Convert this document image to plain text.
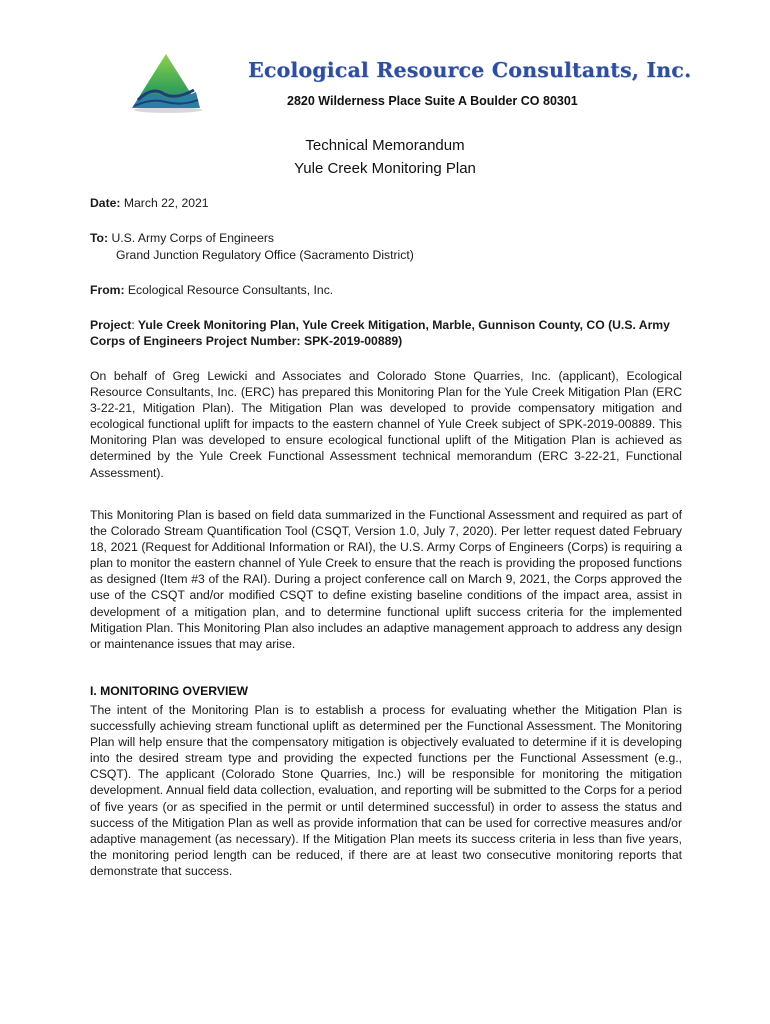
Ecological Resource Consultants, Inc.
2820 Wilderness Place Suite A Boulder CO 80301
Technical Memorandum
Yule Creek Monitoring Plan
Date: March 22, 2021
To: U.S. Army Corps of Engineers
Grand Junction Regulatory Office (Sacramento District)
From: Ecological Resource Consultants, Inc.
Project: Yule Creek Monitoring Plan, Yule Creek Mitigation, Marble, Gunnison County, CO (U.S. Army Corps of Engineers Project Number: SPK-2019-00889)
On behalf of Greg Lewicki and Associates and Colorado Stone Quarries, Inc. (applicant), Ecological Resource Consultants, Inc. (ERC) has prepared this Monitoring Plan for the Yule Creek Mitigation Plan (ERC 3-22-21, Mitigation Plan). The Mitigation Plan was developed to provide compensatory mitigation and ecological functional uplift for impacts to the eastern channel of Yule Creek subject of SPK-2019-00889. This Monitoring Plan was developed to ensure ecological functional uplift of the Mitigation Plan is achieved as determined by the Yule Creek Functional Assessment technical memorandum (ERC 3-22-21, Functional Assessment).
This Monitoring Plan is based on field data summarized in the Functional Assessment and required as part of the Colorado Stream Quantification Tool (CSQT, Version 1.0, July 7, 2020). Per letter request dated February 18, 2021 (Request for Additional Information or RAI), the U.S. Army Corps of Engineers (Corps) is requiring a plan to monitor the eastern channel of Yule Creek to ensure that the reach is providing the proposed functions as designed (Item #3 of the RAI). During a project conference call on March 9, 2021, the Corps approved the use of the CSQT and/or modified CSQT to define existing baseline conditions of the impact area, assist in development of a mitigation plan, and to determine functional uplift success criteria for the implemented Mitigation Plan. This Monitoring Plan also includes an adaptive management approach to address any design or maintenance issues that may arise.
I. MONITORING OVERVIEW
The intent of the Monitoring Plan is to establish a process for evaluating whether the Mitigation Plan is successfully achieving stream functional uplift as determined per the Functional Assessment. The Monitoring Plan will help ensure that the compensatory mitigation is objectively evaluated to determine if it is developing into the desired stream type and providing the expected functions per the Functional Assessment (e.g., CSQT). The applicant (Colorado Stone Quarries, Inc.) will be responsible for monitoring the mitigation development. Annual field data collection, evaluation, and reporting will be submitted to the Corps for a period of five years (or as specified in the permit or until determined successful) in order to assess the status and success of the Mitigation Plan as well as provide information that can be used for corrective measures and/or adaptive management (as necessary). If the Mitigation Plan meets its success criteria in less than five years, the monitoring period length can be reduced, if there are at least two consecutive monitoring reports that demonstrate that success.
